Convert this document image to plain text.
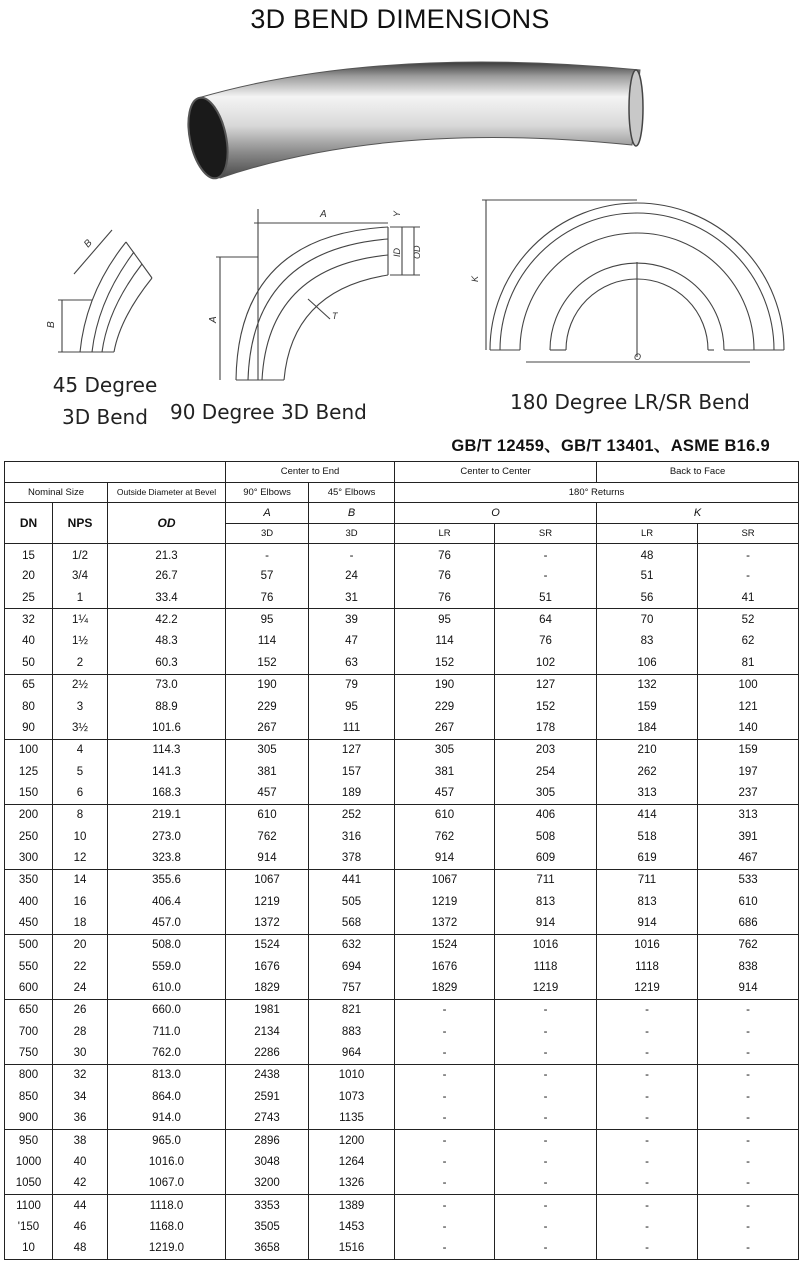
3D BEND DIMENSIONS
B
B
A
A
ID OD
Y
T
K
O
45 Degree
3D Bend	90 Degree 3D Bend	180 Degree LR/SR Bend
GB/T 12459、GB/T 13401、ASME B16.9
			Center to End		Center to Center		Back to Face	
Nominal Size		Outside Diameter at Bevel	90° Elbows	45° Elbows	180° Returns			
DN	NPS	OD	A	B	O		K	
			3D	3D	LR	SR	LR	SR
15	1/2	21.3	-	-	76	-	48	-
20	3/4	26.7	57	24	76	-	51	-
25	1	33.4	76	31	76	51	56	41
32	1¼	42.2	95	39	95	64	70	52
40	1½	48.3	114	47	114	76	83	62
50	2	60.3	152	63	152	102	106	81
65	2½	73.0	190	79	190	127	132	100
80	3	88.9	229	95	229	152	159	121
90	3½	101.6	267	111	267	178	184	140
100	4	114.3	305	127	305	203	210	159
125	5	141.3	381	157	381	254	262	197
150	6	168.3	457	189	457	305	313	237
200	8	219.1	610	252	610	406	414	313
250	10	273.0	762	316	762	508	518	391
300	12	323.8	914	378	914	609	619	467
350	14	355.6	1067	441	1067	711	711	533
400	16	406.4	1219	505	1219	813	813	610
450	18	457.0	1372	568	1372	914	914	686
500	20	508.0	1524	632	1524	1016	1016	762
550	22	559.0	1676	694	1676	1118	1118	838
600	24	610.0	1829	757	1829	1219	1219	914
650	26	660.0	1981	821	-	-	-	-
700	28	711.0	2134	883	-	-	-	-
750	30	762.0	2286	964	-	-	-	-
800	32	813.0	2438	1010	-	-	-	-
850	34	864.0	2591	1073	-	-	-	-
900	36	914.0	2743	1135	-	-	-	-
950	38	965.0	2896	1200	-	-	-	-
1000	40	1016.0	3048	1264	-	-	-	-
1050	42	1067.0	3200	1326	-	-	-	-
1100	44	1118.0	3353	1389	-	-	-	-
'150	46	1168.0	3505	1453	-	-	-	-
10	48	1219.0	3658	1516	-	-	-	-
